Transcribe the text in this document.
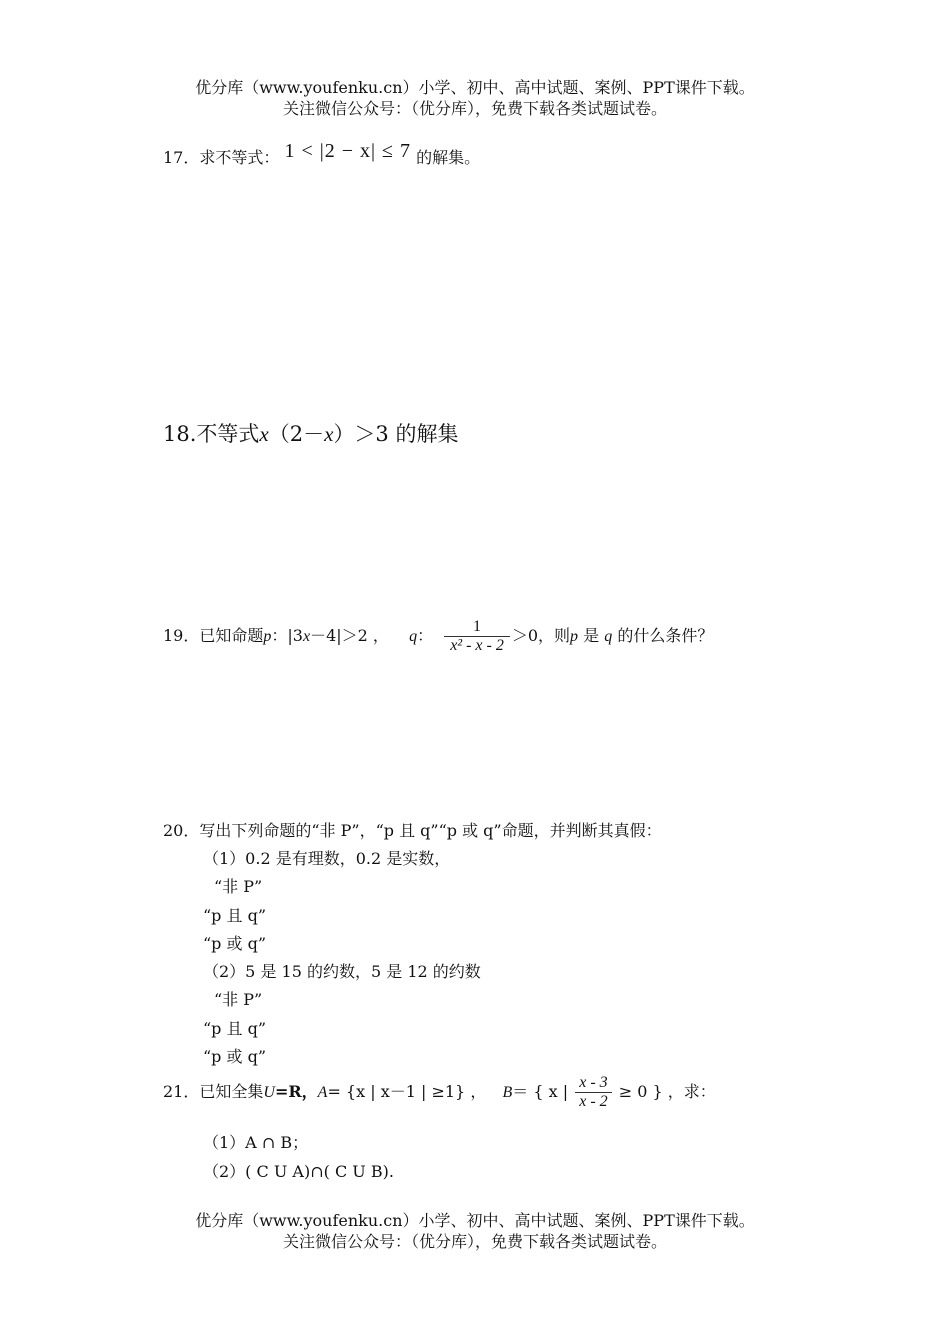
优分库（www.youfenku.cn）小学、初中、高中试题、案例、PPT课件下载。
关注微信公众号：（优分库），免费下载各类试题试卷。
17．求不等式： 1 < |2 − x| ≤ 7 的解集。
18.不等式x（2－x）＞3 的解集
19．已知命题p：|3x－4|＞2 ， q： $\frac{1}{\text{x² - x - 2}} >0$，则p 是 q 的什么条件？
20．写出下列命题的“非 P”，“p 且 q”“p 或 q”命题，并判断其真假：
（1）0.2 是有理数，0.2 是实数，
“非 P”
“p 且 q”
“p 或 q”
（2）5 是 15 的约数，5 是 12 的约数
“非 P”
“p 且 q”
“p 或 q”
21．已知全集U=R，A= {x | x－1 | ≥1} ， B＝ { x | $\frac{x - 3}{x - 2} \ge 0$ } ，求：
（1）A ∩ B；
（2）( C U A)∩( C U B).
优分库（www.youfenku.cn）小学、初中、高中试题、案例、PPT课件下载。
关注微信公众号：（优分库），免费下载各类试题试卷。
